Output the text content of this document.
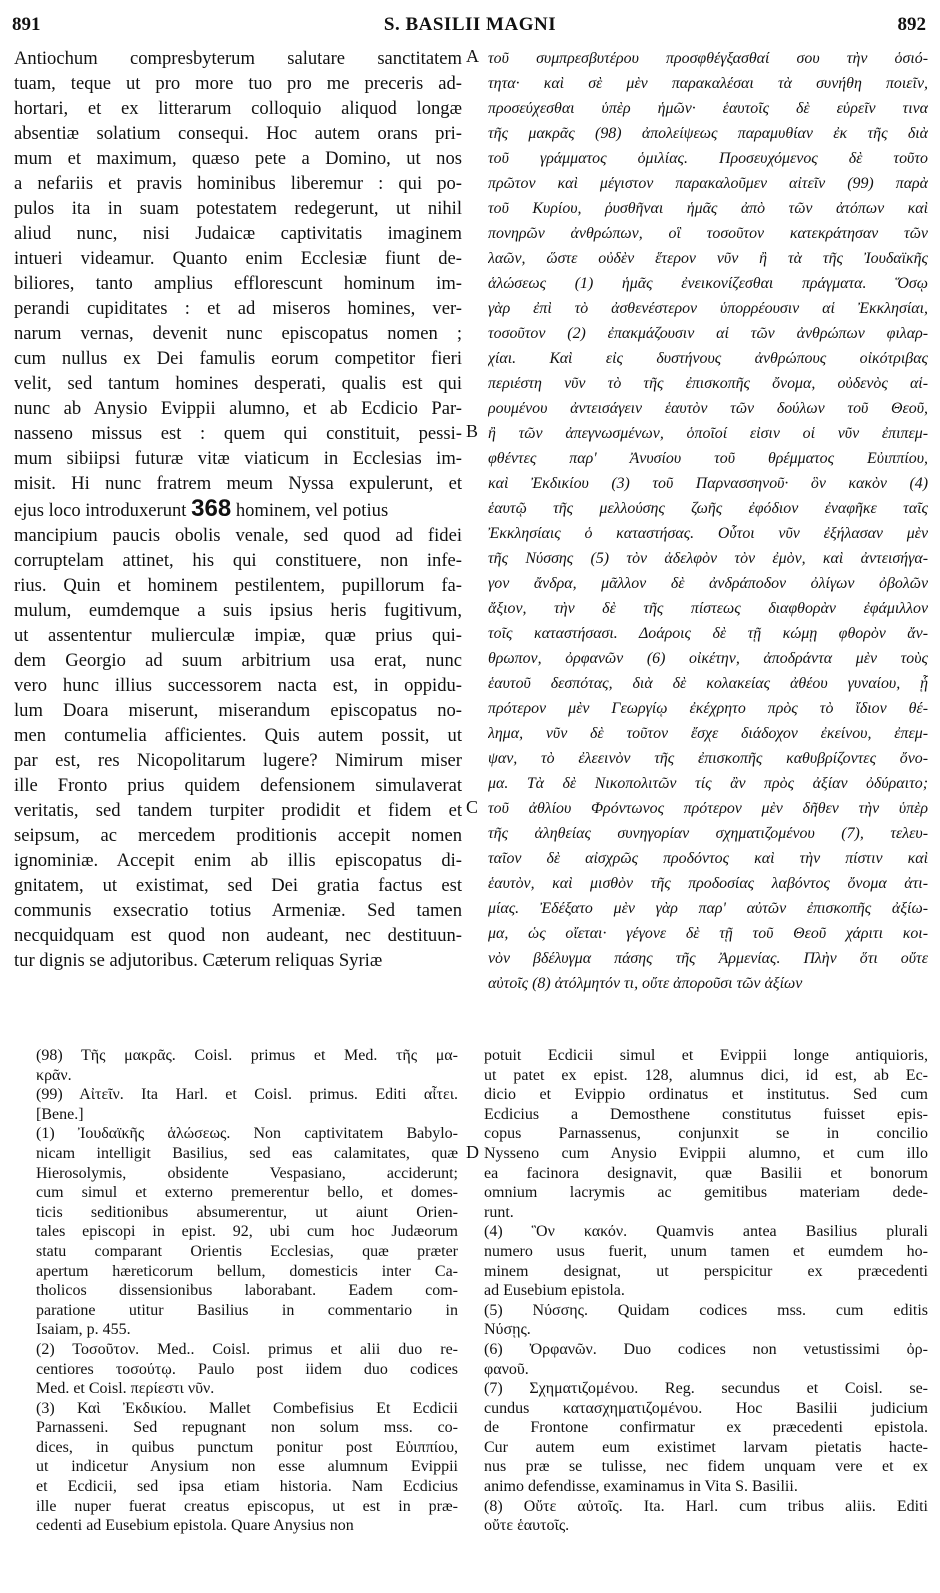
891	S. BASILII MAGNI	892
Antiochum compresbyterum salutare sanctitatem
tuam, teque ut pro more tuo pro me preceris ad-
hortari, et ex litterarum colloquio aliquod longæ
absentiæ solatium consequi. Hoc autem orans pri-
mum et maximum, quæso pete a Domino, ut nos
a nefariis et pravis hominibus liberemur : qui po-
pulos ita in suam potestatem redegerunt, ut nihil
aliud nunc, nisi Judaicæ captivitatis imaginem
intueri videamur. Quanto enim Ecclesiæ fiunt de-
biliores, tanto amplius efflorescunt hominum im-
perandi cupiditates : et ad miseros homines, ver-
narum vernas, devenit nunc episcopatus nomen ;
cum nullus ex Dei famulis eorum competitor fieri
velit, sed tantum homines desperati, qualis est qui
nunc ab Anysio Evippii alumno, et ab Ecdicio Par-
nasseno missus est : quem qui constituit, pessi-
mum sibiipsi futuræ vitæ viaticum in Ecclesias im-
misit. Hi nunc fratrem meum Nyssa expulerunt, et
ejus loco introduxerunt 368 hominem, vel potius
mancipium paucis obolis venale, sed quod ad fidei
corruptelam attinet, his qui constituere, non infe-
rius. Quin et hominem pestilentem, pupillorum fa-
mulum, eumdemque a suis ipsius heris fugitivum,
ut assententur mulierculæ impiæ, quæ prius qui-
dem Georgio ad suum arbitrium usa erat, nunc
vero hunc illius successorem nacta est, in oppidu-
lum Doara miserunt, miserandum episcopatus no-
men contumelia afficientes. Quis autem possit, ut
par est, res Nicopolitarum lugere? Nimirum miser
ille Fronto prius quidem defensionem simulaverat
veritatis, sed tandem turpiter prodidit et fidem et
seipsum, ac mercedem proditionis accepit nomen
ignominiæ. Accepit enim ab illis episcopatus di-
gnitatem, ut existimat, sed Dei gratia factus est
communis exsecratio totius Armeniæ. Sed tamen
necquidquam est quod non audeant, nec destituun-
tur dignis se adjutoribus. Cæterum reliquas Syriæ
τοῦ συμπρεσβυτέρου προσφθέγξασθαί σου τὴν ὁσιό-
τητα· καὶ σὲ μὲν παρακαλέσαι τὰ συνήθη ποιεῖν,
προσεύχεσθαι ὑπὲρ ἡμῶν· ἑαυτοῖς δὲ εὑρεῖν τινα
τῆς μακρᾶς (98) ἀπολείψεως παραμυθίαν ἐκ τῆς διὰ
τοῦ γράμματος ὁμιλίας. Προσευχόμενος δὲ τοῦτο
πρῶτον καὶ μέγιστον παρακαλοῦμεν αἰτεῖν (99) παρὰ
τοῦ Κυρίου, ῥυσθῆναι ἡμᾶς ἀπὸ τῶν ἀτόπων καὶ
πονηρῶν ἀνθρώπων, οἳ τοσοῦτον κατεκράτησαν τῶν
λαῶν, ὥστε οὐδὲν ἕτερον νῦν ἢ τὰ τῆς Ἰουδαϊκῆς
ἁλώσεως (1) ἡμᾶς ἐνεικονίζεσθαι πράγματα. Ὅσῳ
γὰρ ἐπὶ τὸ ἀσθενέστερον ὑπορρέουσιν αἱ Ἐκκλησίαι,
τοσοῦτον (2) ἐπακμάζουσιν αἱ τῶν ἀνθρώπων φιλαρ-
χίαι. Καὶ εἰς δυστήνους ἀνθρώπους οἰκότριβας
περιέστη νῦν τὸ τῆς ἐπισκοπῆς ὄνομα, οὐδενὸς αἱ-
ρουμένου ἀντεισάγειν ἑαυτὸν τῶν δούλων τοῦ Θεοῦ,
ἢ τῶν ἀπεγνωσμένων, ὁποῖοί εἰσιν οἱ νῦν ἐπιπεμ-
φθέντες παρ' Ἀνυσίου τοῦ θρέμματος Εὐιππίου,
καὶ Ἐκδικίου (3) τοῦ Παρνασσηνοῦ· ὃν κακὸν (4)
ἑαυτῷ τῆς μελλούσης ζωῆς ἐφόδιον ἐναφῆκε ταῖς
Ἐκκλησίαις ὁ καταστήσας. Οὗτοι νῦν ἐξήλασαν μὲν
τῆς Νύσσης (5) τὸν ἀδελφὸν τὸν ἐμὸν, καὶ ἀντεισήγα-
γον ἄνδρα, μᾶλλον δὲ ἀνδράποδον ὀλίγων ὀβολῶν
ἄξιον, τὴν δὲ τῆς πίστεως διαφθορὰν ἐφάμιλλον
τοῖς καταστήσασι. Δοάροις δὲ τῇ κώμῃ φθορὸν ἄν-
θρωπον, ὀρφανῶν (6) οἰκέτην, ἀποδράντα μὲν τοὺς
ἑαυτοῦ δεσπότας, διὰ δὲ κολακείας ἀθέου γυναίου, ᾗ
πρότερον μὲν Γεωργίῳ ἐκέχρητο πρὸς τὸ ἴδιον θέ-
λημα, νῦν δὲ τοῦτον ἔσχε διάδοχον ἐκείνου, ἐπεμ-
ψαν, τὸ ἐλεεινὸν τῆς ἐπισκοπῆς καθυβρίζοντες ὄνο-
μα. Τὰ δὲ Νικοπολιτῶν τίς ἂν πρὸς ἀξίαν ὀδύραιτο;
τοῦ ἀθλίου Φρόντωνος πρότερον μὲν δῆθεν τὴν ὑπὲρ
τῆς ἀληθείας συνηγορίαν σχηματιζομένου (7), τελευ-
ταῖον δὲ αἰσχρῶς προδόντος καὶ τὴν πίστιν καὶ
ἑαυτὸν, καὶ μισθὸν τῆς προδοσίας λαβόντος ὄνομα ἀτι-
μίας. Ἐδέξατο μὲν γὰρ παρ' αὐτῶν ἐπισκοπῆς ἀξίω-
μα, ὡς οἴεται· γέγονε δὲ τῇ τοῦ Θεοῦ χάριτι κοι-
νὸν βδέλυγμα πάσης τῆς Ἀρμενίας. Πλὴν ὅτι οὔτε
αὐτοῖς (8) ἀτόλμητόν τι, οὔτε ἀποροῦσι τῶν ἀξίων
A
B
C
D
(98) Τῆς μακρᾶς. Coisl. primus et Med. τῆς μα-
κρᾶν.
(99) Αἰτεῖν. Ita Harl. et Coisl. primus. Editi αἶτει.
[Bene.]
(1) Ἰουδαϊκῆς ἁλώσεως. Non captivitatem Babylo-
nicam intelligit Basilius, sed eas calamitates, quæ
Hierosolymis, obsidente Vespasiano, acciderunt;
cum simul et externo premerentur bello, et domes-
ticis seditionibus absumerentur, ut aiunt Orien-
tales episcopi in epist. 92, ubi cum hoc Judæorum
statu comparant Orientis Ecclesias, quæ præter
apertum hæreticorum bellum, domesticis inter Ca-
tholicos dissensionibus laborabant. Eadem com-
paratione utitur Basilius in commentario in
Isaiam, p. 455.
(2) Τοσοῦτον. Med.. Coisl. primus et alii duo re-
centiores τοσούτῳ. Paulo post iidem duo codices
Med. et Coisl. περίεστι νῦν.
(3) Καὶ Ἐκδικίου. Mallet Combefisius Et Ecdicii
Parnasseni. Sed repugnant non solum mss. co-
dices, in quibus punctum ponitur post Εὐιππίου,
ut indicetur Anysium non esse alumnum Evippii
et Ecdicii, sed ipsa etiam historia. Nam Ecdicius
ille nuper fuerat creatus episcopus, ut est in præ-
cedenti ad Eusebium epistola. Quare Anysius non
potuit Ecdicii simul et Evippii longe antiquioris,
ut patet ex epist. 128, alumnus dici, id est, ab Ec-
dicio et Evippio ordinatus et institutus. Sed cum
Ecdicius a Demosthene constitutus fuisset epis-
copus Parnassenus, conjunxit se in concilio
Nysseno cum Anysio Evippii alumno, et cum illo
ea facinora designavit, quæ Basilii et bonorum
omnium lacrymis ac gemitibus materiam dede-
runt.
(4) Ὃν κακόν. Quamvis antea Basilius plurali
numero usus fuerit, unum tamen et eumdem ho-
minem designat, ut perspicitur ex præcedenti
ad Eusebium epistola.
(5) Νύσσης. Quidam codices mss. cum editis
Νύσῃς.
(6) Ὀρφανῶν. Duo codices non vetustissimi ὀρ-
φανοῦ.
(7) Σχηματιζομένου. Reg. secundus et Coisl. se-
cundus κατασχηματιζομένου. Hoc Basilii judicium
de Frontone confirmatur ex præcedenti epistola.
Cur autem eum existimet larvam pietatis hacte-
nus præ se tulisse, nec fidem unquam vere et ex
animo defendisse, examinamus in Vita S. Basilii.
(8) Οὔτε αὐτοῖς. Ita. Harl. cum tribus aliis. Editi
οὔτε ἑαυτοῖς.
